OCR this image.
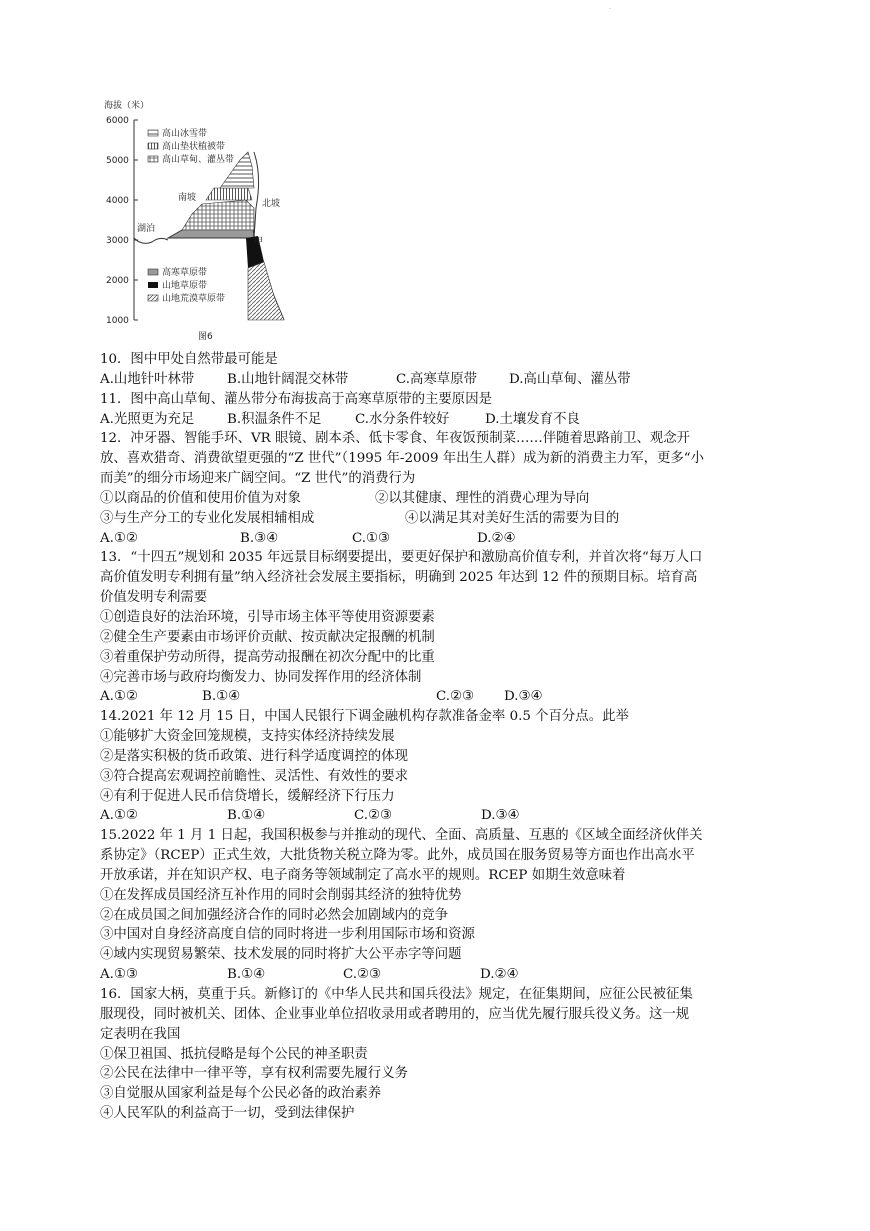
·
海拔（米）
6000
5000
4000
3000
2000
1000
南坡
北坡
湖泊
甲
高山冰雪带
高山垫状植被带
高山草甸、灌丛带
高寒草原带
山地草原带
山地荒漠草原带
图6

10．图中甲处自然带最可能是

A.山地针叶林带	B.山地针阔混交林带	C.高寒草原带	D.高山草甸、灌丛带

11．图中高山草甸、灌丛带分布海拔高于高寒草原带的主要原因是

A.光照更为充足	B.积温条件不足	C.水分条件较好	D.土壤发育不良

12．冲牙器、智能手环、VR 眼镜、剧本杀、低卡零食、年夜饭预制菜……伴随着思路前卫、观念开

放、喜欢猎奇、消费欲望更强的“Z 世代”（1995 年-2009 年出生人群）成为新的消费主力军，更多“小

而美”的细分市场迎来广阔空间。“Z 世代”的消费行为

①以商品的价值和使用价值为对象	②以其健康、理性的消费心理为导向
③与生产分工的专业化发展相辅相成	④以满足其对美好生活的需要为目的
A.①②	B.③④	C.①③	D.②④

13．“十四五”规划和 2035 年远景目标纲要提出，要更好保护和激励高价值专利，并首次将“每万人口

高价值发明专利拥有量”纳入经济社会发展主要指标，明确到 2025 年达到 12 件的预期目标。培育高

价值发明专利需要

①创造良好的法治环境，引导市场主体平等使用资源要素

②健全生产要素由市场评价贡献、按贡献决定报酬的机制

③着重保护劳动所得，提高劳动报酬在初次分配中的比重

④完善市场与政府均衡发力、协同发挥作用的经济体制

A.①②	B.①④	C.②③	D.③④

14.2021 年 12 月 15 日，中国人民银行下调金融机构存款准备金率 0.5 个百分点。此举

①能够扩大资金回笼规模，支持实体经济持续发展

②是落实积极的货币政策、进行科学适度调控的体现

③符合提高宏观调控前瞻性、灵活性、有效性的要求

④有利于促进人民币信贷增长，缓解经济下行压力

A.①②	B.①④	C.②③	D.③④

15.2022 年 1 月 1 日起，我国积极参与并推动的现代、全面、高质量、互惠的《区域全面经济伙伴关

系协定》（RCEP）正式生效，大批货物关税立降为零。此外，成员国在服务贸易等方面也作出高水平

开放承诺，并在知识产权、电子商务等领域制定了高水平的规则。RCEP 如期生效意味着

①在发挥成员国经济互补作用的同时会削弱其经济的独特优势

②在成员国之间加强经济合作的同时必然会加剧域内的竞争

③中国对自身经济高度自信的同时将进一步利用国际市场和资源

④域内实现贸易繁荣、技术发展的同时将扩大公平赤字等问题

A.①③	B.①④	C.②③	D.②④

16．国家大柄，莫重于兵。新修订的《中华人民共和国兵役法》规定，在征集期间，应征公民被征集

服现役，同时被机关、团体、企业事业单位招收录用或者聘用的，应当优先履行服兵役义务。这一规

定表明在我国

①保卫祖国、抵抗侵略是每个公民的神圣职责

②公民在法律中一律平等，享有权利需要先履行义务

③自觉服从国家利益是每个公民必备的政治素养

④人民军队的利益高于一切，受到法律保护
